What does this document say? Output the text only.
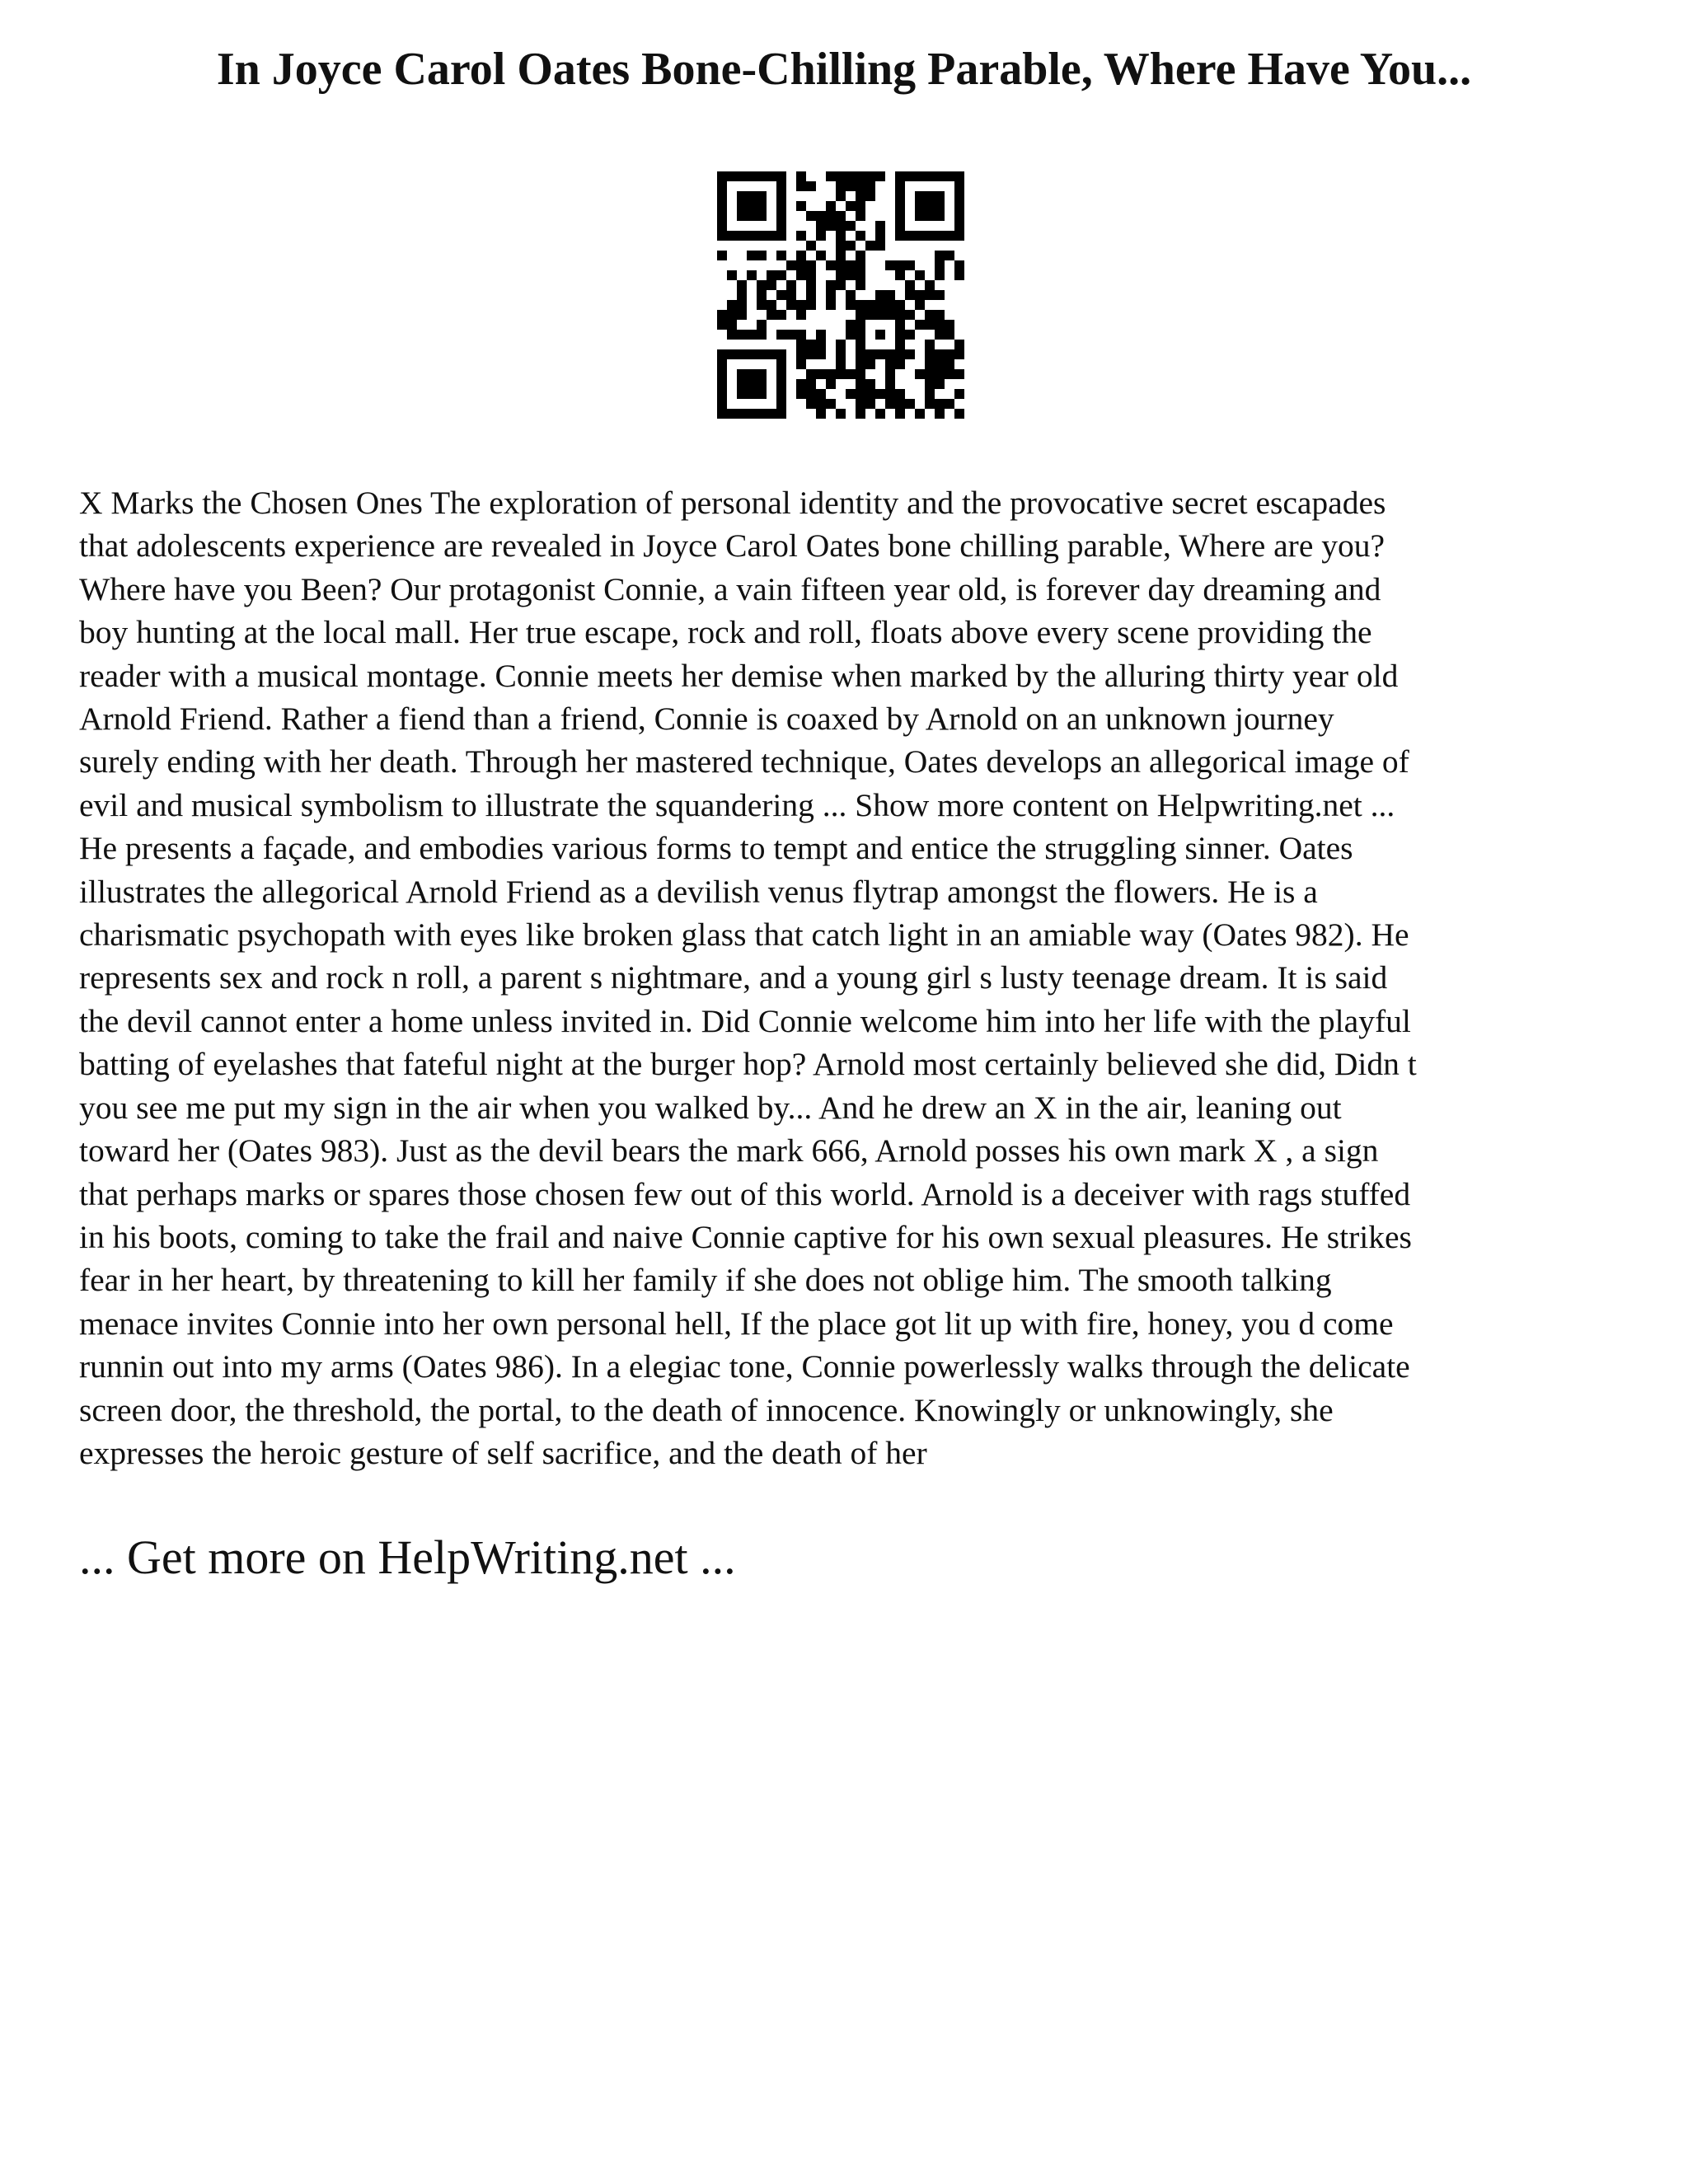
In Joyce Carol Oates Bone-Chilling Parable, Where Have You...
X Marks the Chosen Ones The exploration of personal identity and the provocative secret escapades
that adolescents experience are revealed in Joyce Carol Oates bone chilling parable, Where are you?
Where have you Been? Our protagonist Connie, a vain fifteen year old, is forever day dreaming and
boy hunting at the local mall. Her true escape, rock and roll, floats above every scene providing the
reader with a musical montage. Connie meets her demise when marked by the alluring thirty year old
Arnold Friend. Rather a fiend than a friend, Connie is coaxed by Arnold on an unknown journey
surely ending with her death. Through her mastered technique, Oates develops an allegorical image of
evil and musical symbolism to illustrate the squandering ... Show more content on Helpwriting.net ...
He presents a façade, and embodies various forms to tempt and entice the struggling sinner. Oates
illustrates the allegorical Arnold Friend as a devilish venus flytrap amongst the flowers. He is a
charismatic psychopath with eyes like broken glass that catch light in an amiable way (Oates 982). He
represents sex and rock n roll, a parent s nightmare, and a young girl s lusty teenage dream. It is said
the devil cannot enter a home unless invited in. Did Connie welcome him into her life with the playful
batting of eyelashes that fateful night at the burger hop? Arnold most certainly believed she did, Didn t
you see me put my sign in the air when you walked by... And he drew an X in the air, leaning out
toward her (Oates 983). Just as the devil bears the mark 666, Arnold posses his own mark X , a sign
that perhaps marks or spares those chosen few out of this world. Arnold is a deceiver with rags stuffed
in his boots, coming to take the frail and naive Connie captive for his own sexual pleasures. He strikes
fear in her heart, by threatening to kill her family if she does not oblige him. The smooth talking
menace invites Connie into her own personal hell, If the place got lit up with fire, honey, you d come
runnin out into my arms (Oates 986). In a elegiac tone, Connie powerlessly walks through the delicate
screen door, the threshold, the portal, to the death of innocence. Knowingly or unknowingly, she
expresses the heroic gesture of self sacrifice, and the death of her

... Get more on HelpWriting.net ...
